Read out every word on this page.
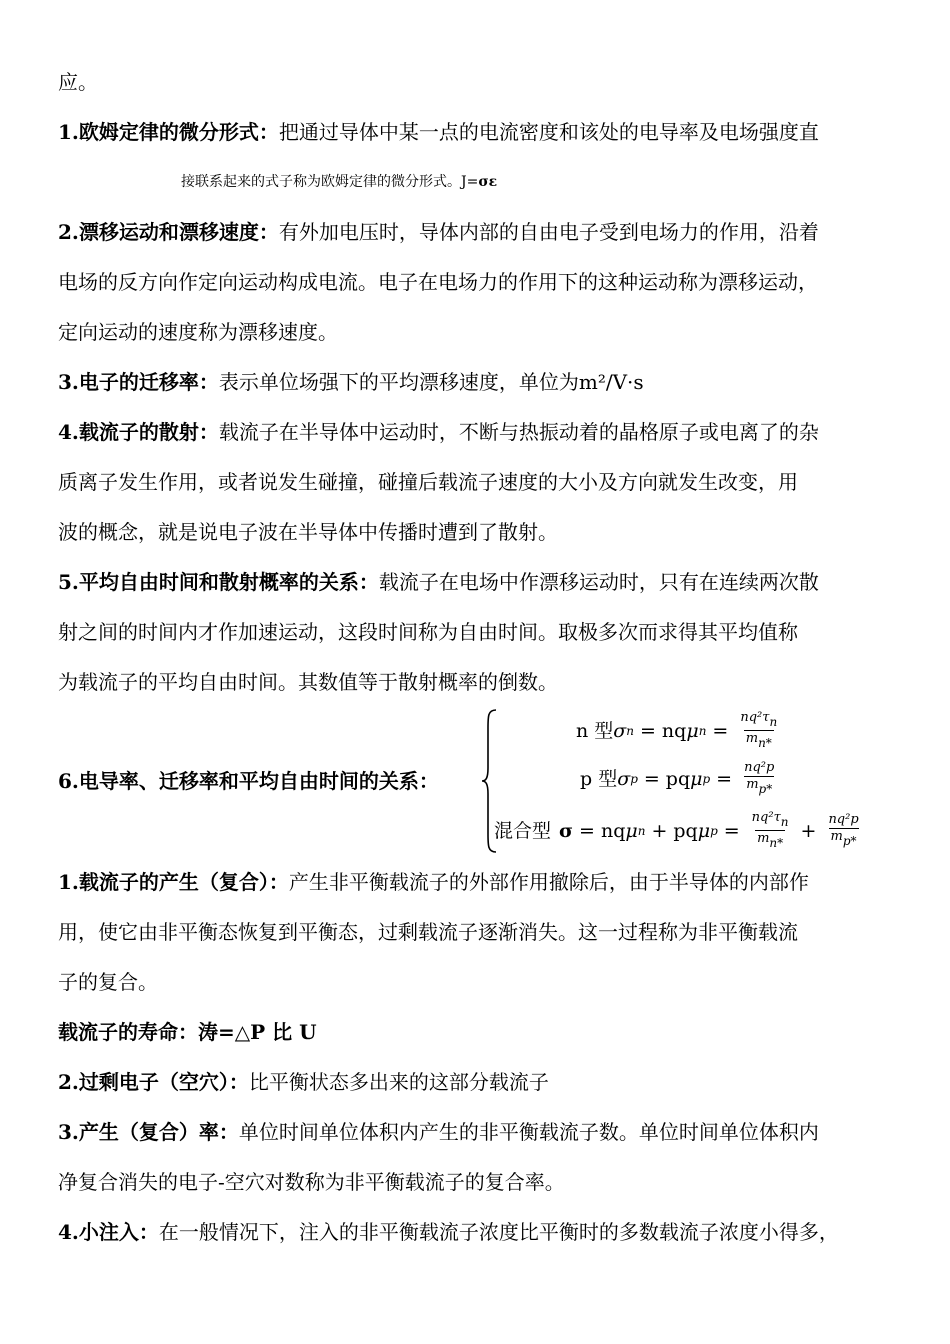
应。
1.欧姆定律的微分形式：把通过导体中某一点的电流密度和该处的电导率及电场强度直
接联系起来的式子称为欧姆定律的微分形式。J=σε
2.漂移运动和漂移速度：有外加电压时，导体内部的自由电子受到电场力的作用，沿着
电场的反方向作定向运动构成电流。电子在电场力的作用下的这种运动称为漂移运动，
定向运动的速度称为漂移速度。
3.电子的迁移率：表示单位场强下的平均漂移速度，单位为m²/V·s
4.载流子的散射：载流子在半导体中运动时，不断与热振动着的晶格原子或电离了的杂
质离子发生作用，或者说发生碰撞，碰撞后载流子速度的大小及方向就发生改变，用
波的概念，就是说电子波在半导体中传播时遭到了散射。
5.平均自由时间和散射概率的关系：载流子在电场中作漂移运动时，只有在连续两次散
射之间的时间内才作加速运动，这段时间称为自由时间。取极多次而求得其平均值称
为载流子的平均自由时间。其数值等于散射概率的倒数。
6.电导率、迁移率和平均自由时间的关系：
n 型 σ n = nq μ $n = \frac{\text{nq²τn}}{mn*}$
p 型 σ p = pq μ $p = \frac{\text{nq²p}}{mp*}$
混合型 σ = nq μ n + pq μ $p = \frac{\text{nq²τn}}{mn*} + \frac{\text{nq²p}}{mp*}$
1.载流子的产生（复合）：产生非平衡载流子的外部作用撤除后，由于半导体的内部作
用，使它由非平衡态恢复到平衡态，过剩载流子逐渐消失。这一过程称为非平衡载流
子的复合。
载流子的寿命：涛=△P 比 U
2.过剩电子（空穴）：比平衡状态多出来的这部分载流子
3.产生（复合）率：单位时间单位体积内产生的非平衡载流子数。单位时间单位体积内
净复合消失的电子-空穴对数称为非平衡载流子的复合率。
4.小注入：在一般情况下，注入的非平衡载流子浓度比平衡时的多数载流子浓度小得多，
